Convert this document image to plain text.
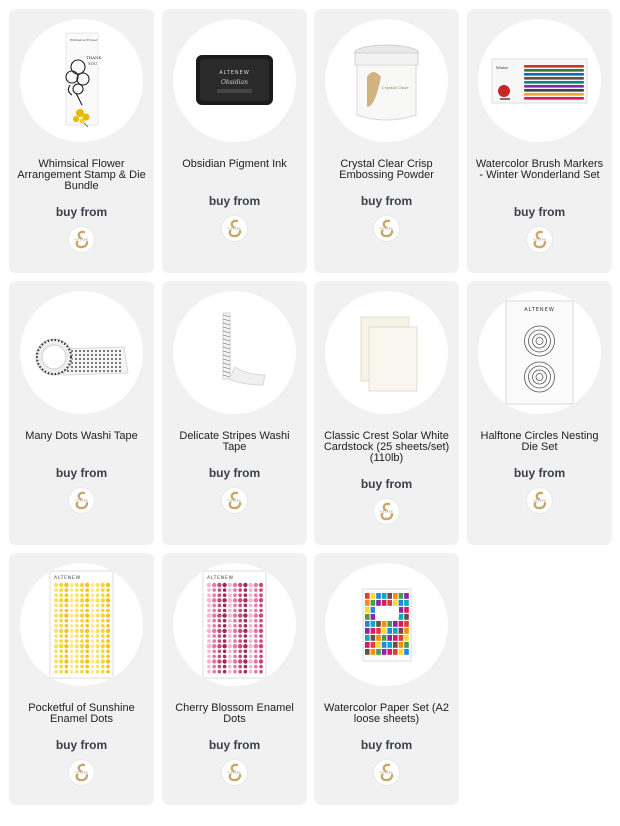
Whimsical Flower
THANK
YOU
Whimsical Flower Arrangement Stamp & Die Bundle
buy from
ALTENEW
ALTENEW
Obsidian
Obsidian Pigment Ink
buy from
ALTENEW
Crystal Clear
Crystal Clear Crisp Embossing Powder
buy from
ALTENEW
Winter
Watercolor Brush Markers - Winter Wonderland Set
buy from
ALTENEW
Many Dots Washi Tape
buy from
ALTENEW
Delicate Stripes Washi Tape
buy from
ALTENEW
Classic Crest Solar White Cardstock (25 sheets/set) (110lb)
buy from
ALTENEW
ALTENEW
Halftone Circles Nesting Die Set
buy from
ALTENEW
ALTENEW
Pocketful of Sunshine Enamel Dots
buy from
ALTENEW
ALTENEW
Cherry Blossom Enamel Dots
buy from
ALTENEW
Watercolor Paper Set (A2 loose sheets)
buy from
ALTENEW
